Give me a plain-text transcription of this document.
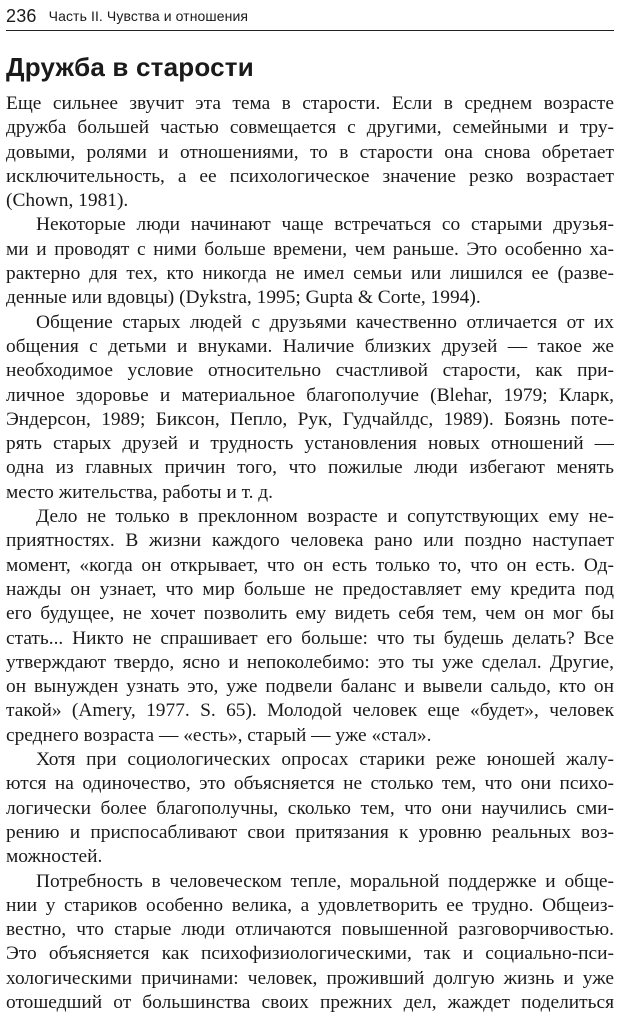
236 Часть II. Чувства и отношения
Дружба в старости
Еще сильнее звучит эта тема в старости. Если в среднем возрасте
дружба большей частью совмещается с другими, семейными и тру-
довыми, ролями и отношениями, то в старости она снова обретает
исключительность, а ее психологическое значение резко возрастает
(Chown, 1981).
Некоторые люди начинают чаще встречаться со старыми друзья-
ми и проводят с ними больше времени, чем раньше. Это особенно ха-
рактерно для тех, кто никогда не имел семьи или лишился ее (разве-
денные или вдовцы) (Dykstra, 1995; Gupta & Corte, 1994).
Общение старых людей с друзьями качественно отличается от их
общения с детьми и внуками. Наличие близких друзей — такое же
необходимое условие относительно счастливой старости, как при-
личное здоровье и материальное благополучие (Blehar, 1979; Кларк,
Эндерсон, 1989; Биксон, Пепло, Рук, Гудчайлдс, 1989). Боязнь поте-
рять старых друзей и трудность установления новых отношений —
одна из главных причин того, что пожилые люди избегают менять
место жительства, работы и т. д.
Дело не только в преклонном возрасте и сопутствующих ему не-
приятностях. В жизни каждого человека рано или поздно наступает
момент, «когда он открывает, что он есть только то, что он есть. Од-
нажды он узнает, что мир больше не предоставляет ему кредита под
его будущее, не хочет позволить ему видеть себя тем, чем он мог бы
стать... Никто не спрашивает его больше: что ты будешь делать? Все
утверждают твердо, ясно и непоколебимо: это ты уже сделал. Другие,
он вынужден узнать это, уже подвели баланс и вывели сальдо, кто он
такой» (Amery, 1977. S. 65). Молодой человек еще «будет», человек
среднего возраста — «есть», старый — уже «стал».
Хотя при социологических опросах старики реже юношей жалу-
ются на одиночество, это объясняется не столько тем, что они психо-
логически более благополучны, сколько тем, что они научились сми-
рению и приспосабливают свои притязания к уровню реальных воз-
можностей.
Потребность в человеческом тепле, моральной поддержке и обще-
нии у стариков особенно велика, а удовлетворить ее трудно. Общеиз-
вестно, что старые люди отличаются повышенной разговорчивостью.
Это объясняется как психофизиологическими, так и социально-пси-
хологическими причинами: человек, проживший долгую жизнь и уже
отошедший от большинства своих прежних дел, жаждет поделиться
